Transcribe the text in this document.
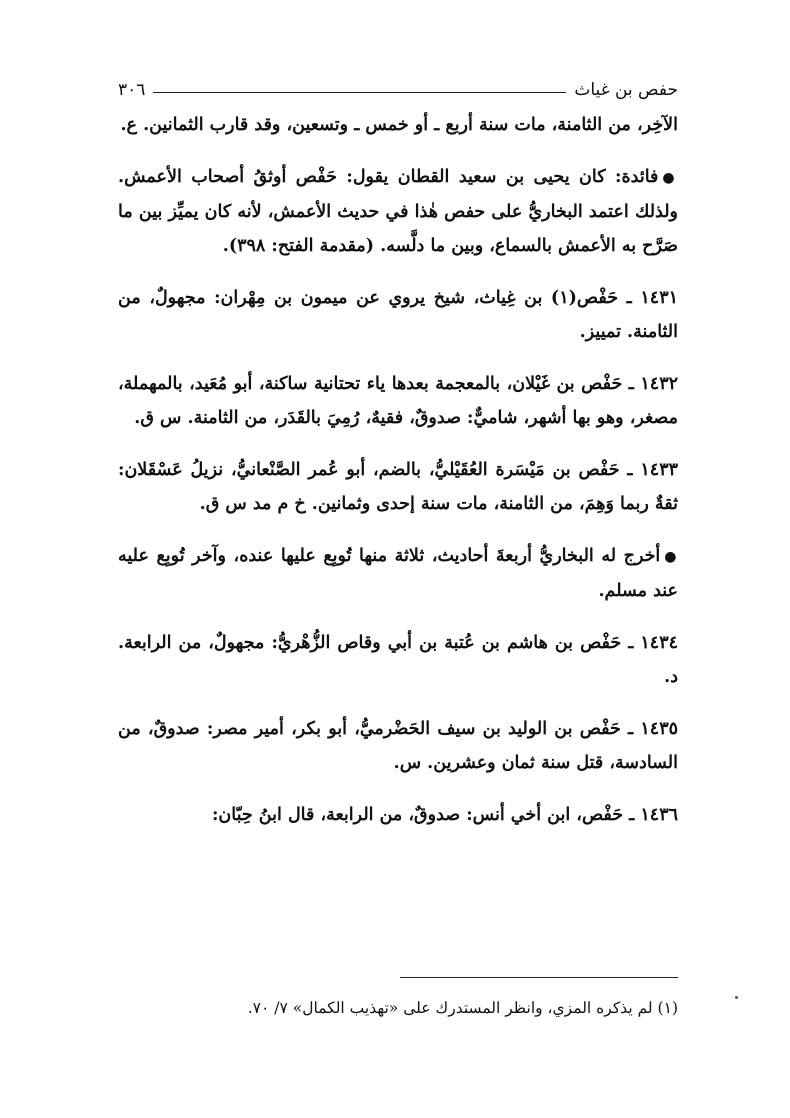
حفص بن غياث
٣٠٦

الآخِر، من الثامنة، مات سنة أربع ـ أو خمس ـ وتسعين، وقد قارب الثمانين. ع.

●فائدة: كان يحيى بن سعيد القطان يقول: حَفْص أوثقُ أصحاب الأعمش. ولذلك اعتمد البخاريُّ على حفص هٰذا في حديث الأعمش، لأنه كان يميِّز بين ما صَرَّح به الأعمش بالسماع، وبين ما دلَّسه. (مقدمة الفتح: ٣٩٨).

١٤٣١ ـ حَفْص(١) بن غِياث، شيخ يروي عن ميمون بن مِهْران: مجهولٌ، من الثامنة. تمييز.

١٤٣٢ ـ حَفْص بن غَيْلان، بالمعجمة بعدها ياء تحتانية ساكنة، أبو مُعَيد، بالمهملة، مصغر، وهو بها أشهر، شاميٌّ: صدوقٌ، فقيهٌ، رُمِيَ بالقَدَر، من الثامنة. س ق.

١٤٣٣ ـ حَفْص بن مَيْسَرة العُقَيْليُّ، بالضم، أبو عُمر الصَّنْعانيُّ، نزيلُ عَسْقَلان: ثقةٌ ربما وَهِمَ، من الثامنة، مات سنة إحدى وثمانين. خ م مد س ق.

●أخرج له البخاريُّ أربعةَ أحاديث، ثلاثة منها تُوبِع عليها عنده، وآخر تُوبِع عليه عند مسلم.

١٤٣٤ ـ حَفْص بن هاشم بن عُتبة بن أبي وقاص الزُّهْريُّ: مجهولٌ، من الرابعة. د.

١٤٣٥ ـ حَفْص بن الوليد بن سيف الحَضْرميُّ، أبو بكر، أمير مصر: صدوقٌ، من السادسة، قتل سنة ثمان وعشرين. س.

١٤٣٦ ـ حَفْص، ابن أخي أنس: صدوقٌ، من الرابعة، قال ابنُ حِبّان:

(١) لم يذكره المزي، وانظر المستدرك على «تهذيب الكمال» ٧/ ٧٠.
